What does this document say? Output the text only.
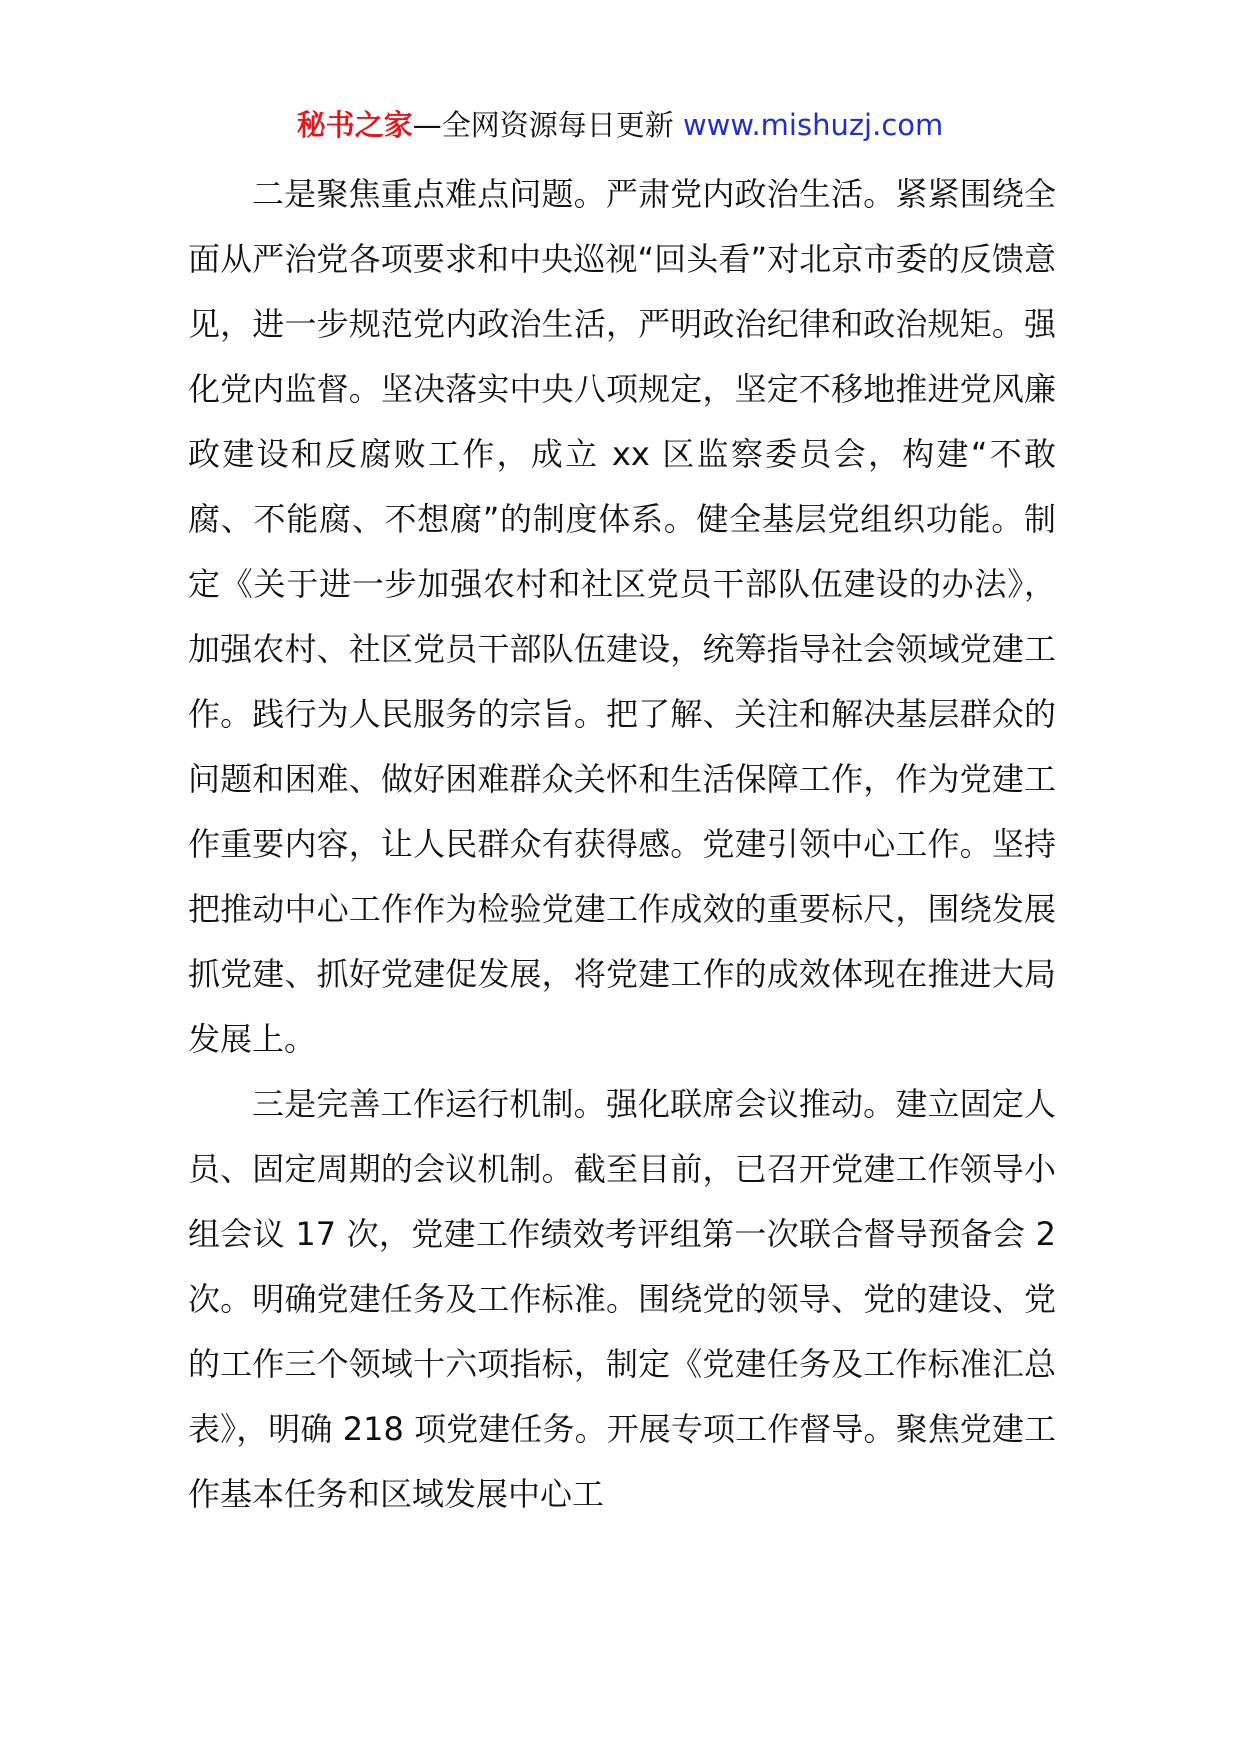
秘书之家—全网资源每日更新 www.mishuzj.com

二是聚焦重点难点问题。严肃党内政治生活。紧紧围绕全面从严治党各项要求和中央巡视“回头看”对北京市委的反馈意见，进一步规范党内政治生活，严明政治纪律和政治规矩。强化党内监督。坚决落实中央八项规定，坚定不移地推进党风廉政建设和反腐败工作，成立 xx 区监察委员会，构建“不敢腐、不能腐、不想腐”的制度体系。健全基层党组织功能。制定《关于进一步加强农村和社区党员干部队伍建设的办法》，加强农村、社区党员干部队伍建设，统筹指导社会领域党建工作。践行为人民服务的宗旨。把了解、关注和解决基层群众的问题和困难、做好困难群众关怀和生活保障工作，作为党建工作重要内容，让人民群众有获得感。党建引领中心工作。坚持把推动中心工作作为检验党建工作成效的重要标尺，围绕发展抓党建、抓好党建促发展，将党建工作的成效体现在推进大局发展上。

三是完善工作运行机制。强化联席会议推动。建立固定人员、固定周期的会议机制。截至目前，已召开党建工作领导小组会议 17 次，党建工作绩效考评组第一次联合督导预备会 2 次。明确党建任务及工作标准。围绕党的领导、党的建设、党的工作三个领域十六项指标，制定《党建任务及工作标准汇总表》，明确 218 项党建任务。开展专项工作督导。聚焦党建工作基本任务和区域发展中心工
